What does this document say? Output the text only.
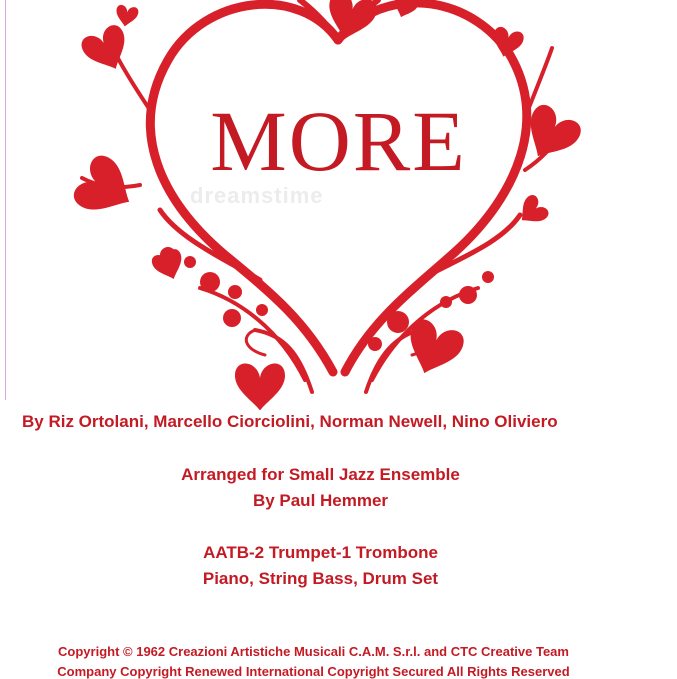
MORE
dreamstime
By Riz Ortolani, Marcello Ciorciolini, Norman Newell, Nino Oliviero
Arranged for Small Jazz Ensemble
By Paul Hemmer
AATB-2 Trumpet-1 Trombone
Piano, String Bass, Drum Set
Copyright © 1962 Creazioni Artistiche Musicali C.A.M. S.r.l. and CTC Creative Team
Company Copyright Renewed International Copyright Secured All Rights Reserved
